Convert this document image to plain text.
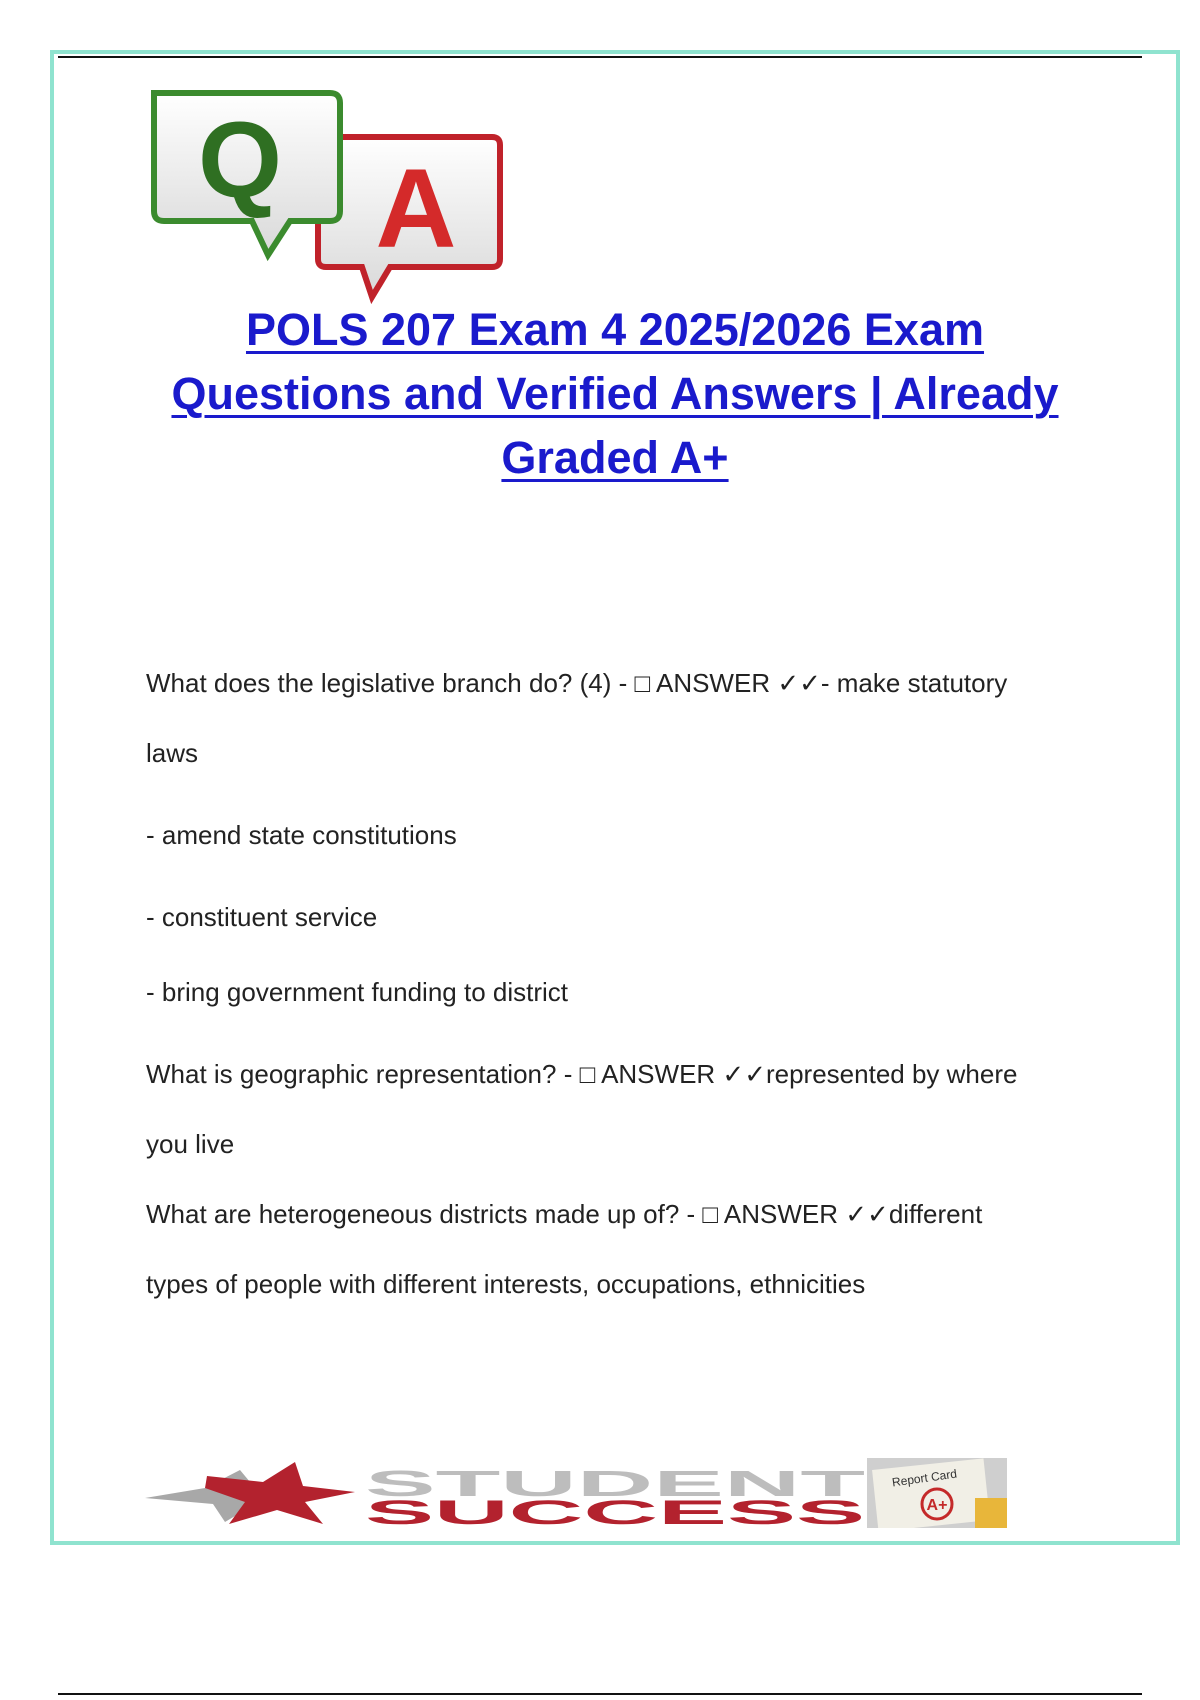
A
Q
POLS 207 Exam 4 2025/2026 Exam Questions and Verified Answers | Already Graded A+

What does the legislative branch do? (4) - □ ANSWER ✓✓- make statutory

laws

- amend state constitutions

- constituent service

- bring government funding to district

What is geographic representation? - □ ANSWER ✓✓represented by where

you live

What are heterogeneous districts made up of? - □ ANSWER ✓✓different

types of people with different interests, occupations, ethnicities

STUDENT
SUCCESS
Report Card
A+
